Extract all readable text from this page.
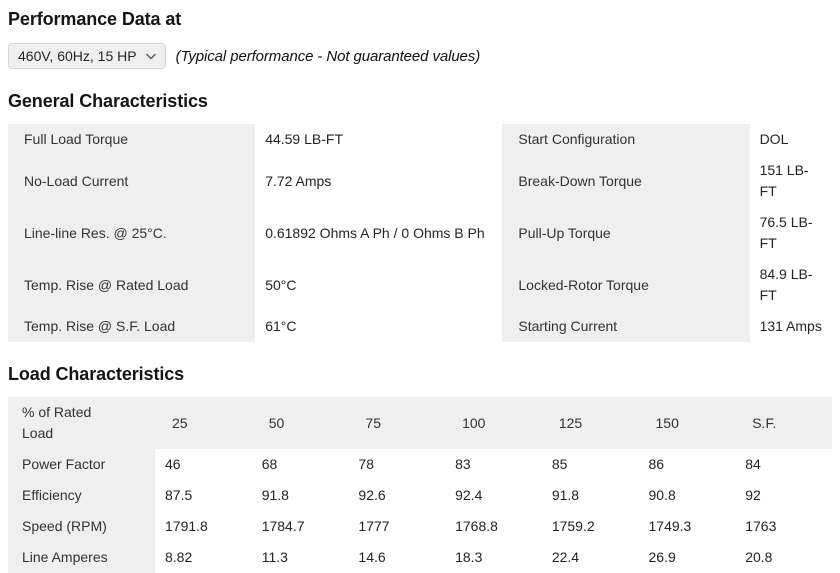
Performance Data at
460V, 60Hz, 15 HP	(Typical performance - Not guaranteed values)
General Characteristics
Full Load Torque	44.59 LB-FT	Start Configuration	DOL
No-Load Current	7.72 Amps	Break-Down Torque	151 LB-FT
Line-line Res. @ 25°C.	0.61892 Ohms A Ph / 0 Ohms B Ph	Pull-Up Torque	76.5 LB-FT
Temp. Rise @ Rated Load	50°C	Locked-Rotor Torque	84.9 LB-FT
Temp. Rise @ S.F. Load	61°C	Starting Current	131 Amps
Load Characteristics
% of Rated Load	25	50	75	100	125	150	S.F.
Power Factor	46	68	78	83	85	86	84
Efficiency	87.5	91.8	92.6	92.4	91.8	90.8	92
Speed (RPM)	1791.8	1784.7	1777	1768.8	1759.2	1749.3	1763
Line Amperes	8.82	11.3	14.6	18.3	22.4	26.9	20.8
